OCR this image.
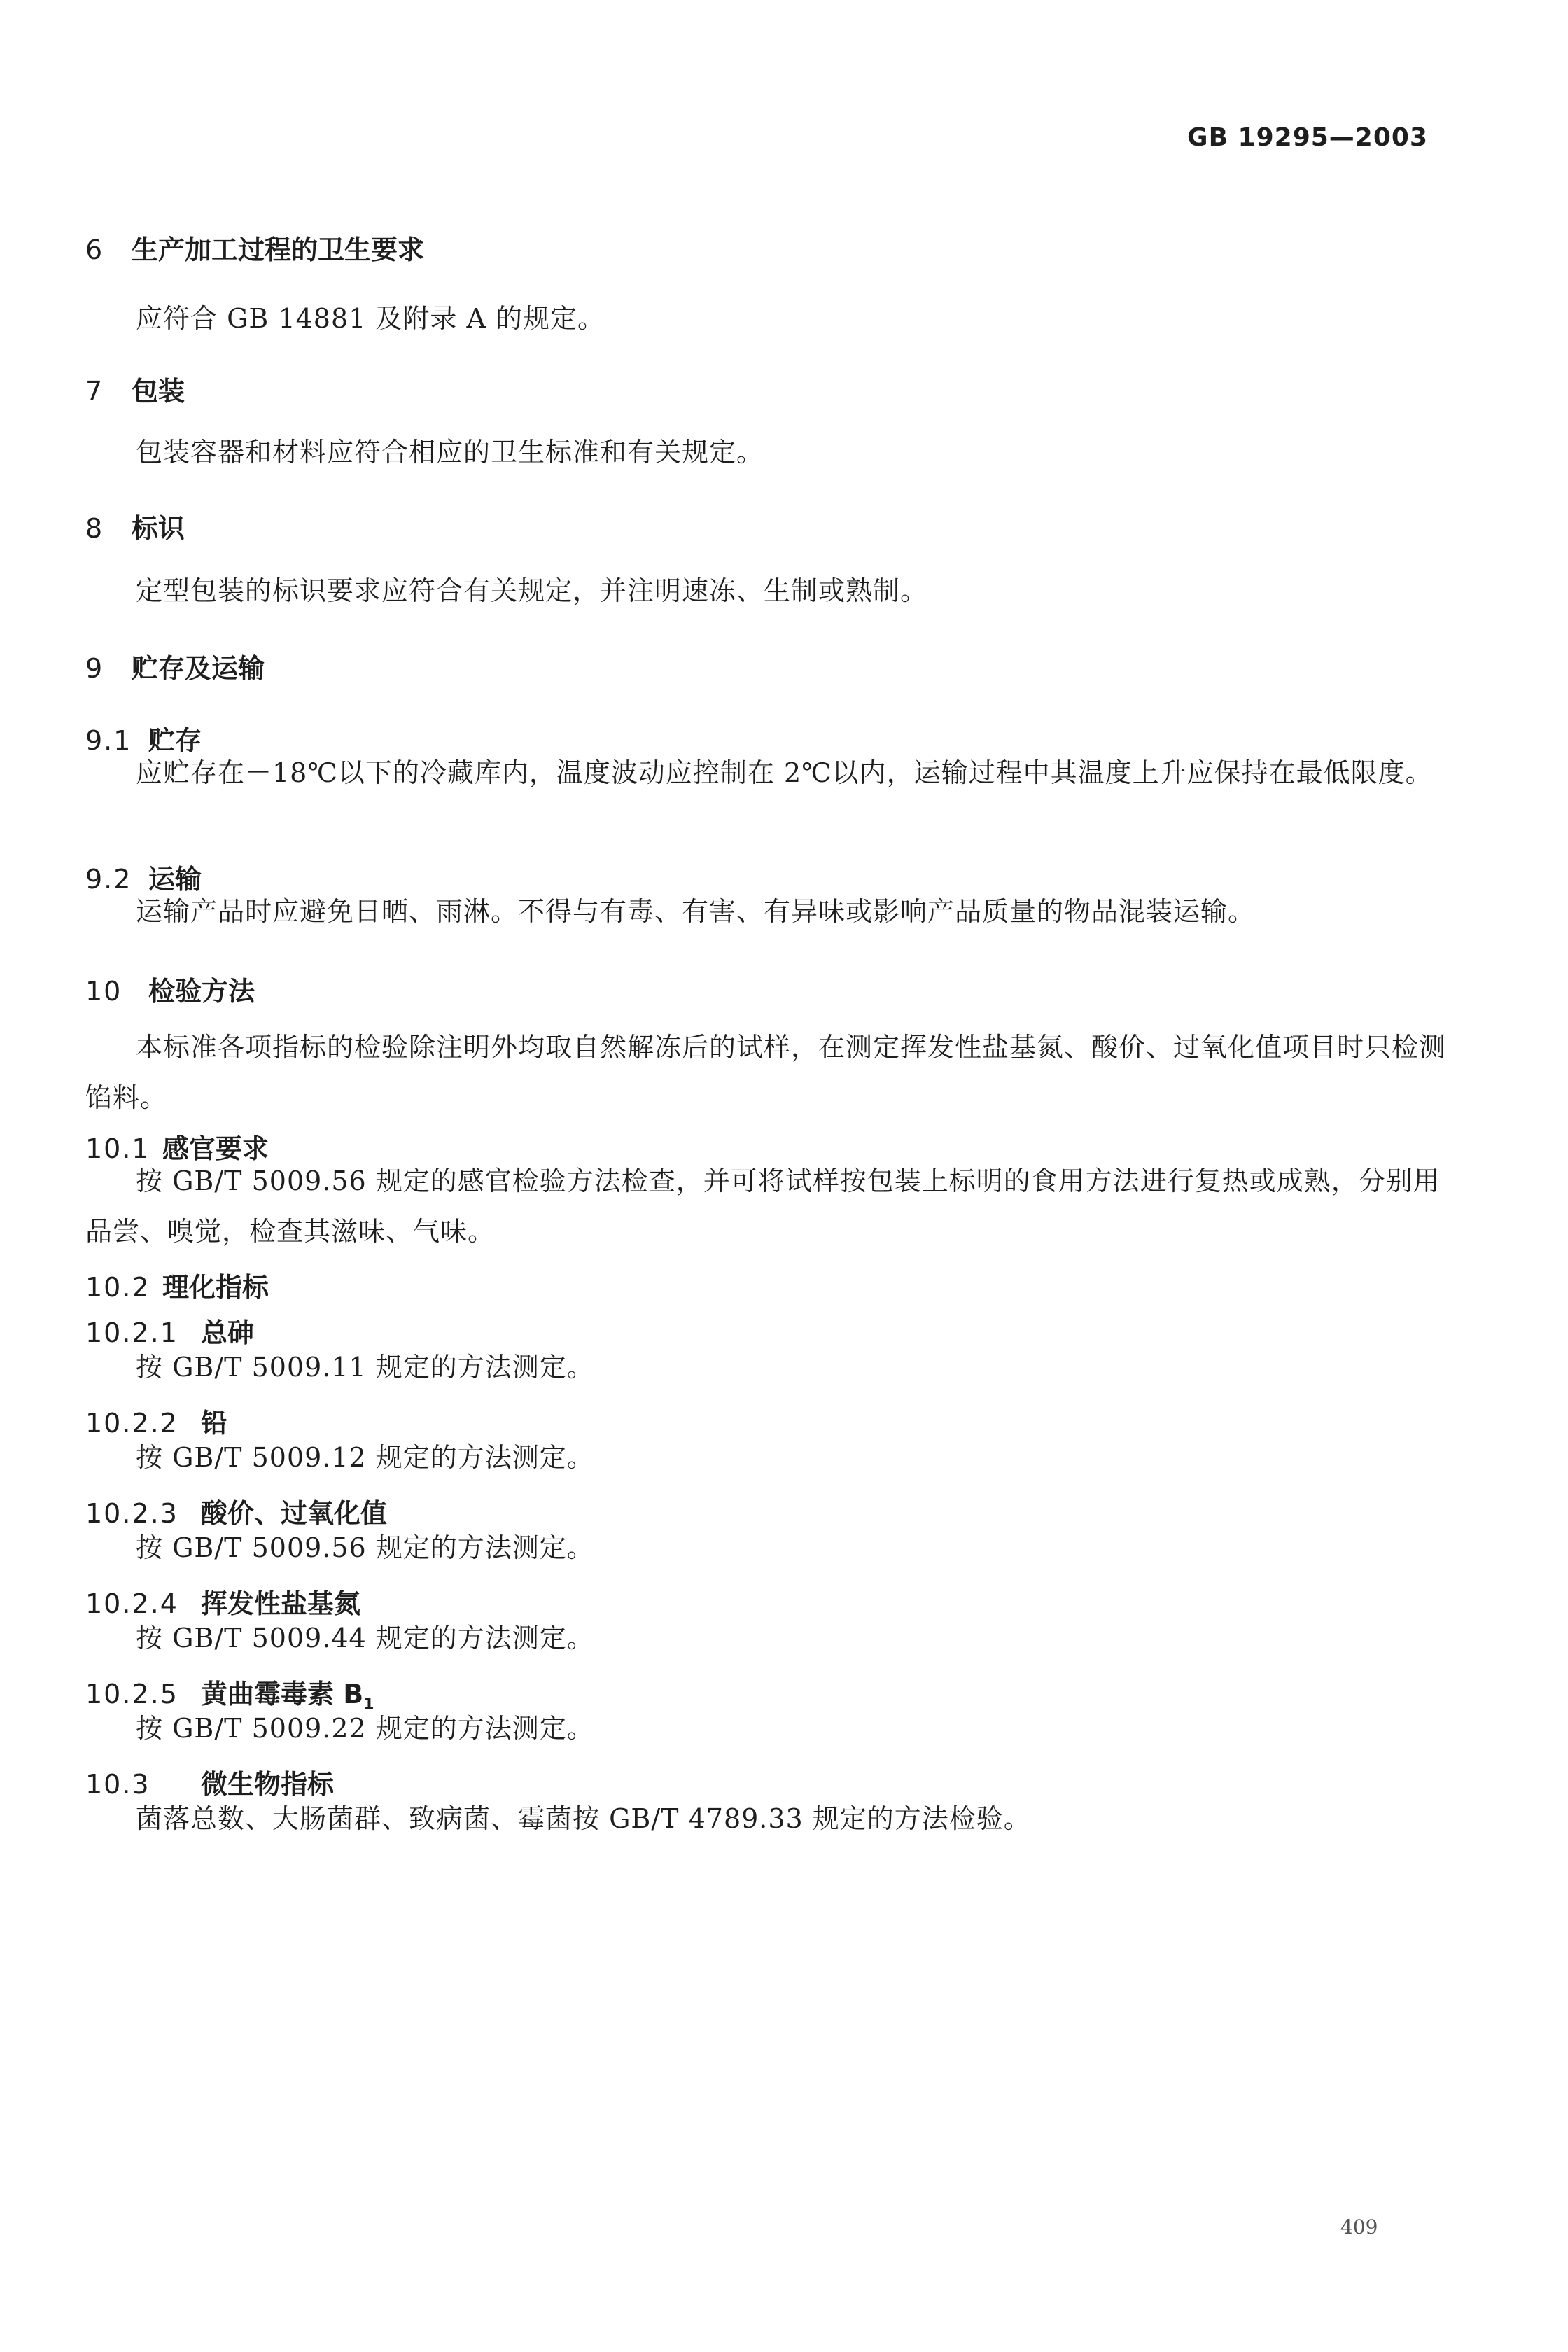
GB 19295—2003
6 生产加工过程的卫生要求

应符合 GB 14881 及附录 A 的规定。

7 包装

包装容器和材料应符合相应的卫生标准和有关规定。

8 标识

定型包装的标识要求应符合有关规定，并注明速冻、生制或熟制。

9 贮存及运输
9.1 贮存

应贮存在－18℃以下的冷藏库内，温度波动应控制在 2℃以内，运输过程中其温度上升应保持在最低限度。

9.2 运输

运输产品时应避免日晒、雨淋。不得与有毒、有害、有异味或影响产品质量的物品混装运输。

10 检验方法

本标准各项指标的检验除注明外均取自然解冻后的试样，在测定挥发性盐基氮、酸价、过氧化值项目时只检测馅料。

10.1 感官要求

按 GB/T 5009.56 规定的感官检验方法检查，并可将试样按包装上标明的食用方法进行复热或成熟，分别用品尝、嗅觉，检查其滋味、气味。

10.2 理化指标
10.2.1 总砷

按 GB/T 5009.11 规定的方法测定。

10.2.2 铅

按 GB/T 5009.12 规定的方法测定。

10.2.3 酸价、过氧化值

按 GB/T 5009.56 规定的方法测定。

10.2.4 挥发性盐基氮

按 GB/T 5009.44 规定的方法测定。

10.2.5 黄曲霉毒素 $B_1$

按 GB/T 5009.22 规定的方法测定。

10.3 微生物指标

菌落总数、大肠菌群、致病菌、霉菌按 GB/T 4789.33 规定的方法检验。

409
